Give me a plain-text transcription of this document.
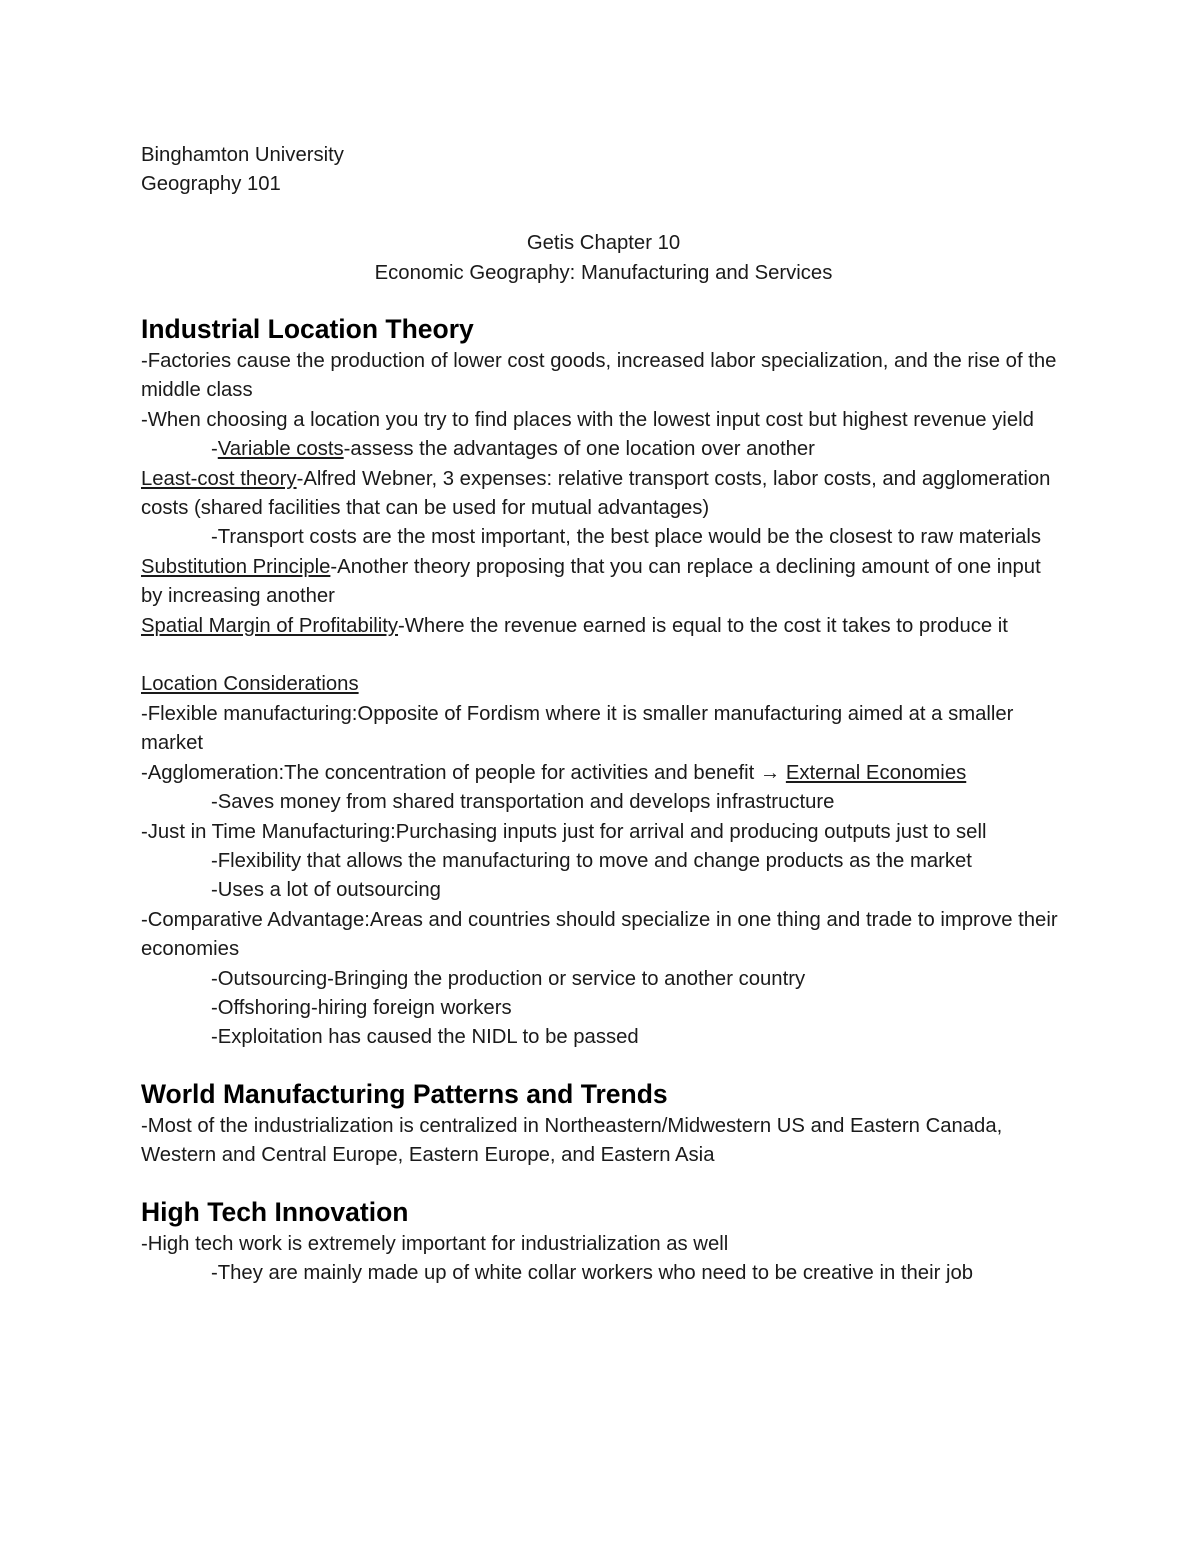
Binghamton University

Geography 101

Getis Chapter 10

Economic Geography: Manufacturing and Services

Industrial Location Theory

-Factories cause the production of lower cost goods, increased labor specialization, and the rise of the middle class

-When choosing a location you try to find places with the lowest input cost but highest revenue yield

-Variable costs-assess the advantages of one location over another

Least-cost theory-Alfred Webner, 3 expenses: relative transport costs, labor costs, and agglomeration costs (shared facilities that can be used for mutual advantages)

-Transport costs are the most important, the best place would be the closest to raw materials

Substitution Principle-Another theory proposing that you can replace a declining amount of one input by increasing another

Spatial Margin of Profitability-Where the revenue earned is equal to the cost it takes to produce it

Location Considerations

-Flexible manufacturing:Opposite of Fordism where it is smaller manufacturing aimed at a smaller market

-Agglomeration:The concentration of people for activities and benefit → External Economies

-Saves money from shared transportation and develops infrastructure

-Just in Time Manufacturing:Purchasing inputs just for arrival and producing outputs just to sell

-Flexibility that allows the manufacturing to move and change products as the market

-Uses a lot of outsourcing

-Comparative Advantage:Areas and countries should specialize in one thing and trade to improve their economies

-Outsourcing-Bringing the production or service to another country

-Offshoring-hiring foreign workers

-Exploitation has caused the NIDL to be passed

World Manufacturing Patterns and Trends

-Most of the industrialization is centralized in Northeastern/Midwestern US and Eastern Canada, Western and Central Europe, Eastern Europe, and Eastern Asia

High Tech Innovation

-High tech work is extremely important for industrialization as well

-They are mainly made up of white collar workers who need to be creative in their job
